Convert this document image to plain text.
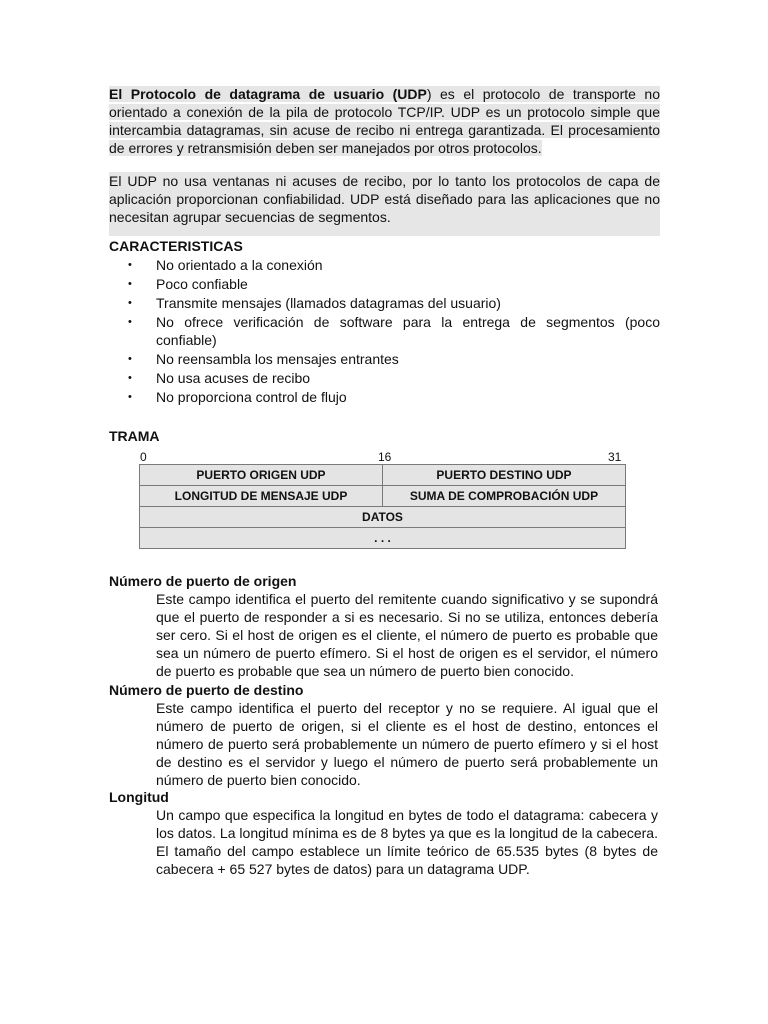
El Protocolo de datagrama de usuario (UDP) es el protocolo de transporte no orientado a conexión de la pila de protocolo TCP/IP. UDP es un protocolo simple que intercambia datagramas, sin acuse de recibo ni entrega garantizada. El procesamiento de errores y retransmisión deben ser manejados por otros protocolos.

El UDP no usa ventanas ni acuses de recibo, por lo tanto los protocolos de capa de aplicación proporcionan confiabilidad. UDP está diseñado para las aplicaciones que no necesitan agrupar secuencias de segmentos.

CARACTERISTICAS
• No orientado a la conexión
• Poco confiable
• Transmite mensajes (llamados datagramas del usuario)
• No ofrece verificación de software para la entrega de segmentos (poco confiable)
• No reensambla los mensajes entrantes
• No usa acuses de recibo
• No proporciona control de flujo
TRAMA
0	16	31
PUERTO ORIGEN UDP	PUERTO DESTINO UDP
LONGITUD DE MENSAJE UDP	SUMA DE COMPROBACIÓN UDP
DATOS	
. . .	
Número de puerto de origen

Este campo identifica el puerto del remitente cuando significativo y se supondrá que el puerto de responder a si es necesario. Si no se utiliza, entonces debería ser cero. Si el host de origen es el cliente, el número de puerto es probable que sea un número de puerto efímero. Si el host de origen es el servidor, el número de puerto es probable que sea un número de puerto bien conocido.

Número de puerto de destino

Este campo identifica el puerto del receptor y no se requiere. Al igual que el número de puerto de origen, si el cliente es el host de destino, entonces el número de puerto será probablemente un número de puerto efímero y si el host de destino es el servidor y luego el número de puerto será probablemente un número de puerto bien conocido.

Longitud

Un campo que especifica la longitud en bytes de todo el datagrama: cabecera y los datos. La longitud mínima es de 8 bytes ya que es la longitud de la cabecera. El tamaño del campo establece un límite teórico de 65.535 bytes (8 bytes de cabecera + 65 527 bytes de datos) para un datagrama UDP.
